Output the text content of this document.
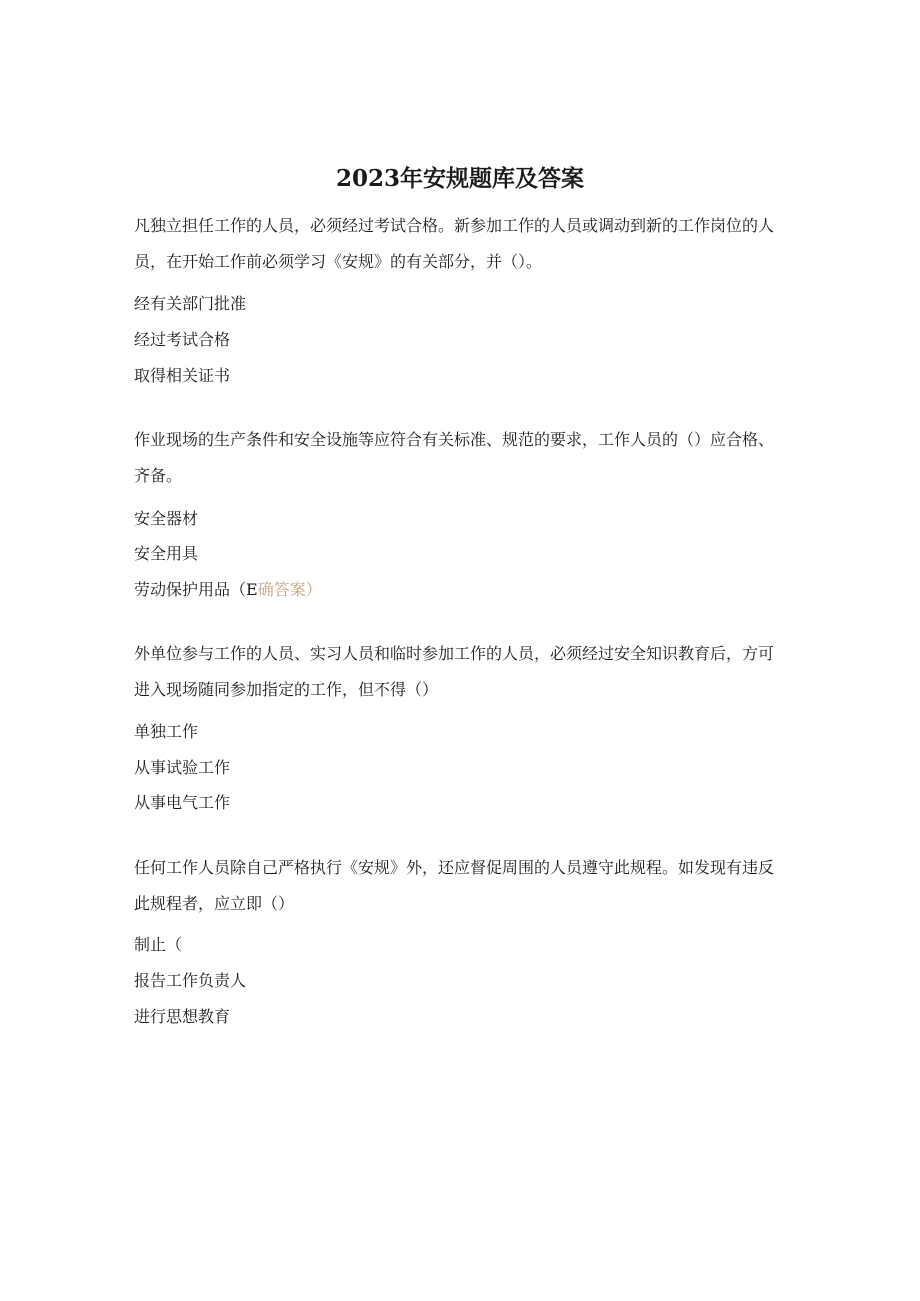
2023年安规题库及答案

凡独立担任工作的人员，必须经过考试合格。新参加工作的人员或调动到新的工作岗位的人员，在开始工作前必须学习《安规》的有关部分，并（）。

经有关部门批准

经过考试合格

取得相关证书

作业现场的生产条件和安全设施等应符合有关标准、规范的要求，工作人员的（）应合格、齐备。

安全器材

安全用具

劳动保护用品（E确答案）

外单位参与工作的人员、实习人员和临时参加工作的人员，必须经过安全知识教育后，方可进入现场随同参加指定的工作，但不得（）

单独工作

从事试验工作

从事电气工作

任何工作人员除自己严格执行《安规》外，还应督促周围的人员遵守此规程。如发现有违反此规程者，应立即（）

制止（

报告工作负责人

进行思想教育
